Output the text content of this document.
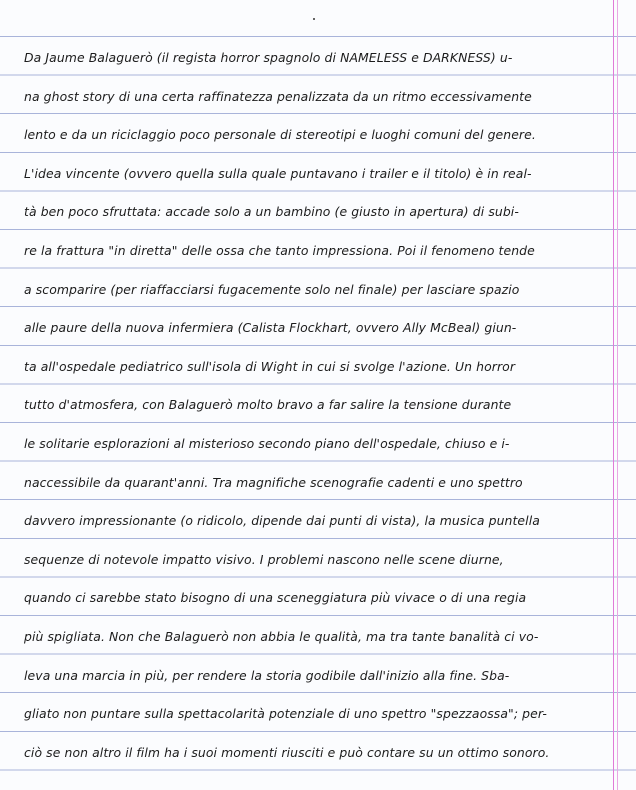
Da Jaume Balaguerò (il regista horror spagnolo di NAMELESS e DARKNESS) u-
na ghost story di una certa raffinatezza penalizzata da un ritmo eccessivamente
lento e da un riciclaggio poco personale di stereotipi e luoghi comuni del genere.
L'idea vincente (ovvero quella sulla quale puntavano i trailer e il titolo) è in real-
tà ben poco sfruttata: accade solo a un bambino (e giusto in apertura) di subi-
re la frattura "in diretta" delle ossa che tanto impressiona. Poi il fenomeno tende
a scomparire (per riaffacciarsi fugacemente solo nel finale) per lasciare spazio
alle paure della nuova infermiera (Calista Flockhart, ovvero Ally McBeal) giun-
ta all'ospedale pediatrico sull'isola di Wight in cui si svolge l'azione. Un horror
tutto d'atmosfera, con Balaguerò molto bravo a far salire la tensione durante
le solitarie esplorazioni al misterioso secondo piano dell'ospedale, chiuso e i-
naccessibile da quarant'anni. Tra magnifiche scenografie cadenti e uno spettro
davvero impressionante (o ridicolo, dipende dai punti di vista), la musica puntella
sequenze di notevole impatto visivo. I problemi nascono nelle scene diurne,
quando ci sarebbe stato bisogno di una sceneggiatura più vivace o di una regia
più spigliata. Non che Balaguerò non abbia le qualità, ma tra tante banalità ci vo-
leva una marcia in più, per rendere la storia godibile dall'inizio alla fine. Sba-
gliato non puntare sulla spettacolarità potenziale di uno spettro "spezzaossa"; per-
ciò se non altro il film ha i suoi momenti riusciti e può contare su un ottimo sonoro.
